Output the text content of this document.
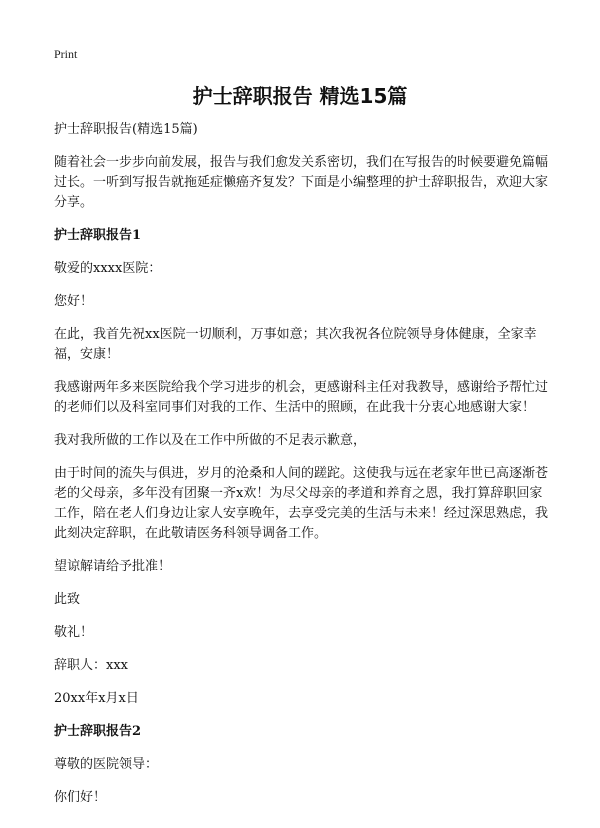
Print
护士辞职报告 精选15篇

护士辞职报告(精选15篇)

随着社会一步步向前发展，报告与我们愈发关系密切，我们在写报告的时候要避免篇幅过长。一听到写报告就拖延症懒癌齐复发？下面是小编整理的护士辞职报告，欢迎大家分享。

护士辞职报告1

敬爱的xxxx医院：

您好！

在此，我首先祝xx医院一切顺利，万事如意；其次我祝各位院领导身体健康，全家幸福，安康！

我感谢两年多来医院给我个学习进步的机会，更感谢科主任对我教导，感谢给予帮忙过的老师们以及科室同事们对我的工作、生活中的照顾，在此我十分衷心地感谢大家！

我对我所做的工作以及在工作中所做的不足表示歉意，

由于时间的流失与俱进，岁月的沧桑和人间的蹉跎。这使我与远在老家年世已高逐渐苍老的父母亲，多年没有团聚一齐x欢！为尽父母亲的孝道和养育之恩，我打算辞职回家工作，陪在老人们身边让家人安享晚年，去享受完美的生活与未来！经过深思熟虑，我此刻决定辞职，在此敬请医务科领导调备工作。

望谅解请给予批准！

此致

敬礼！

辞职人：xxx

20xx年x月x日

护士辞职报告2

尊敬的医院领导：

你们好！
